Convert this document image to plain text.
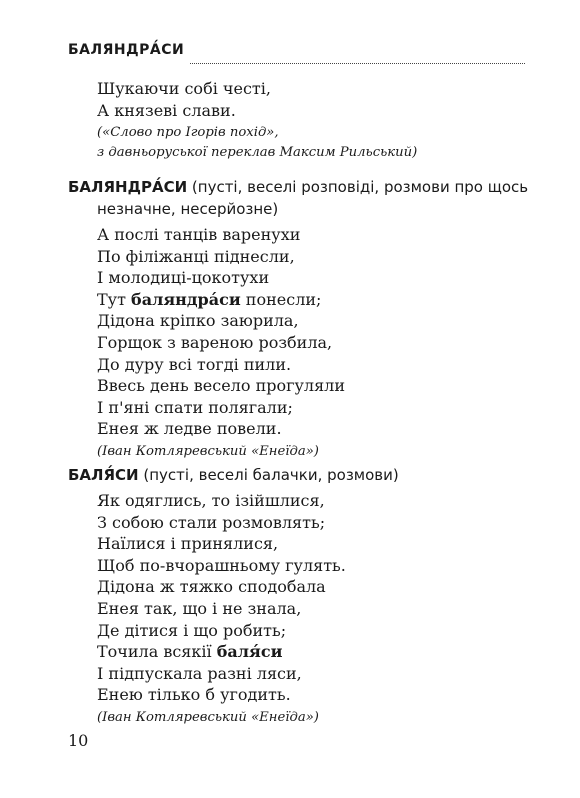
БАЛЯНДРА́СИ
Шукаючи собі честі,
А князеві слави.
(«Слово про Ігорів похід»,
з давньоруської переклав Максим Рильський)
БАЛЯНДРА́СИ (пусті, веселі розповіді, розмови про щось
незначне, несерйозне)
А послі танців варенухи
По філіжанці піднесли,
І молодиці-цокотухи
Тут баляндра́си понесли;
Дідона кріпко заюрила,
Горщок з вареною розбила,
До дуру всі тогді пили.
Ввесь день весело прогуляли
І п'яні спати полягали;
Енея ж ледве повели.
(Іван Котляревський «Енеїда»)
БАЛЯ́СИ (пусті, веселі балачки, розмови)
Як одяглись, то ізійшлися,
З собою стали розмовлять;
Наїлися і принялися,
Щоб по-вчорашньому гулять.
Дідона ж тяжко сподобала
Енея так, що і не знала,
Де дітися і що робить;
Точила всякії баля́си
І підпускала разні ляси,
Енею тілько б угодить.
(Іван Котляревський «Енеїда»)
10
